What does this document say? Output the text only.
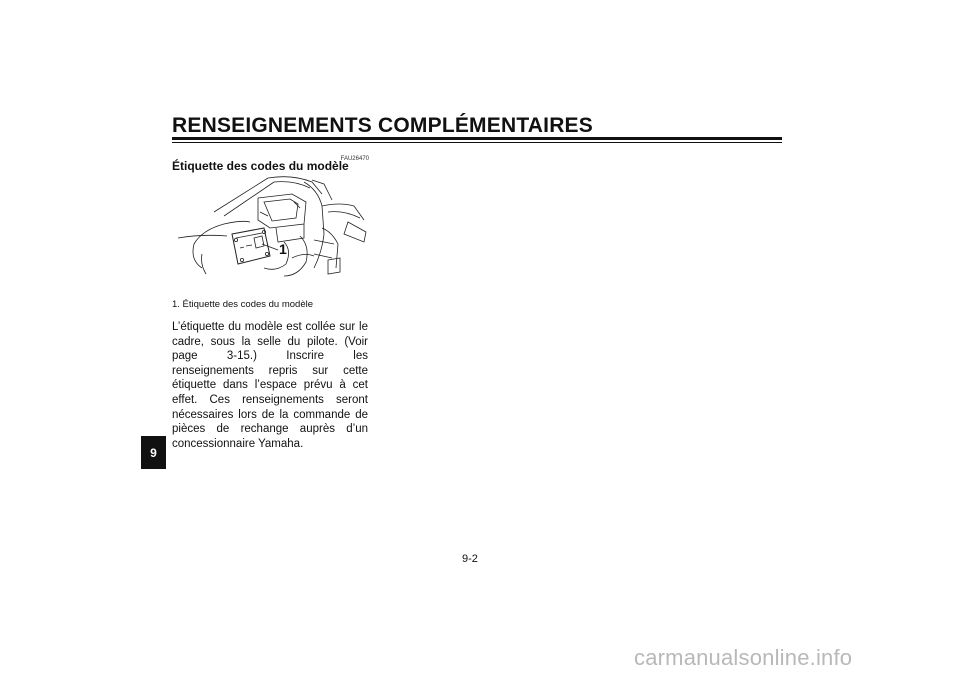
RENSEIGNEMENTS COMPLÉMENTAIRES
FAU26470
Étiquette des codes du modèle
1
1. Étiquette des codes du modèle

L’étiquette du modèle est collée sur le cadre, sous la selle du pilote. (Voir page 3-15.) Inscrire les renseignements repris sur cette étiquette dans l’espace prévu à cet effet. Ces renseignements seront nécessaires lors de la commande de pièces de rechange auprès d’un concessionnaire Yamaha.

9
9-2
carmanualsonline.info
